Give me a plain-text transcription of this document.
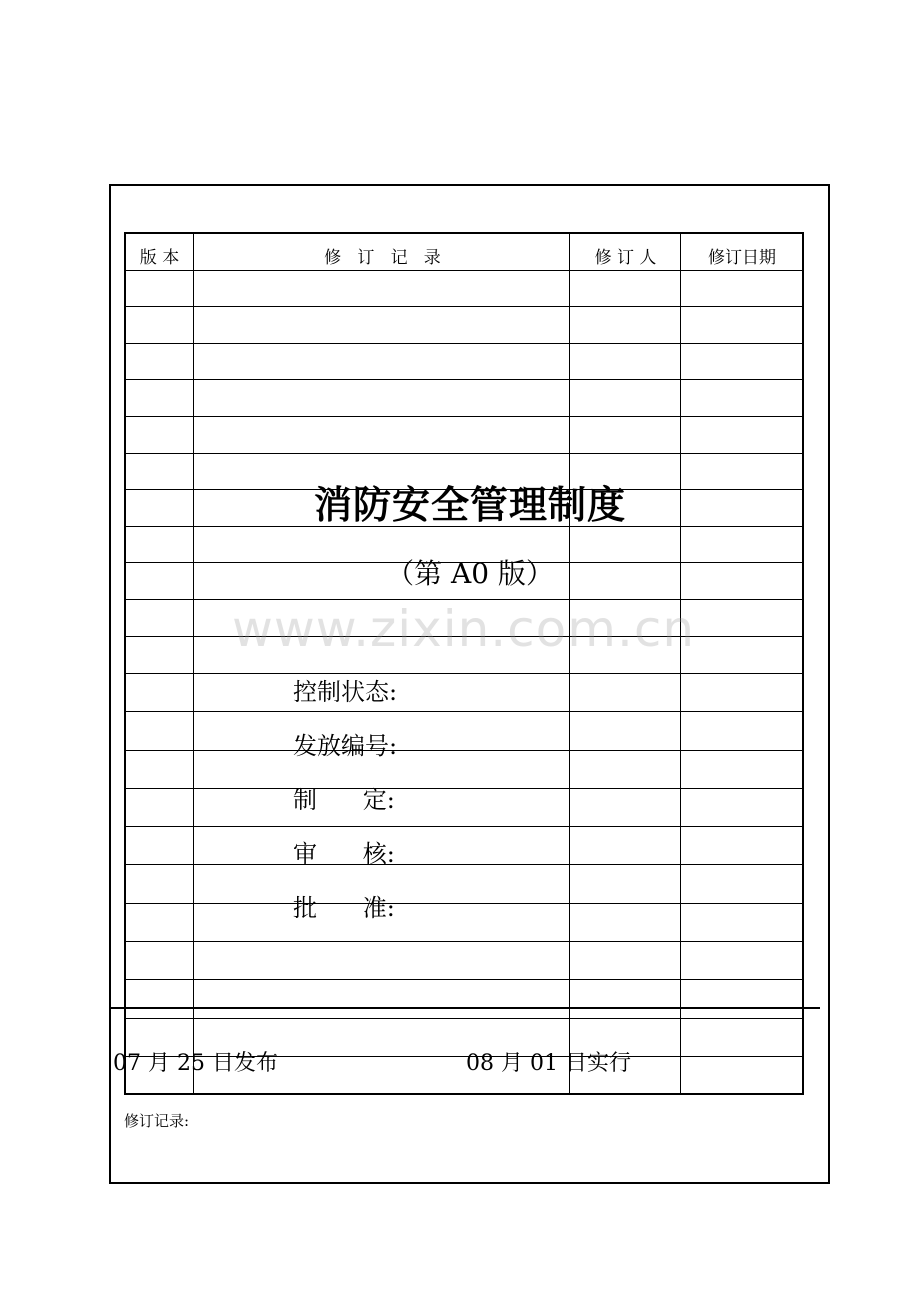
版 本	修   订   记   录	修 订 人	修订日期
www.zixin.com.cn
消防安全管理制度
（第 A0 版）
控制状态:
发放编号:
制      定:
审      核:
批      准:
07 月 25 日发布	08 月 01 日实行
修订记录:
